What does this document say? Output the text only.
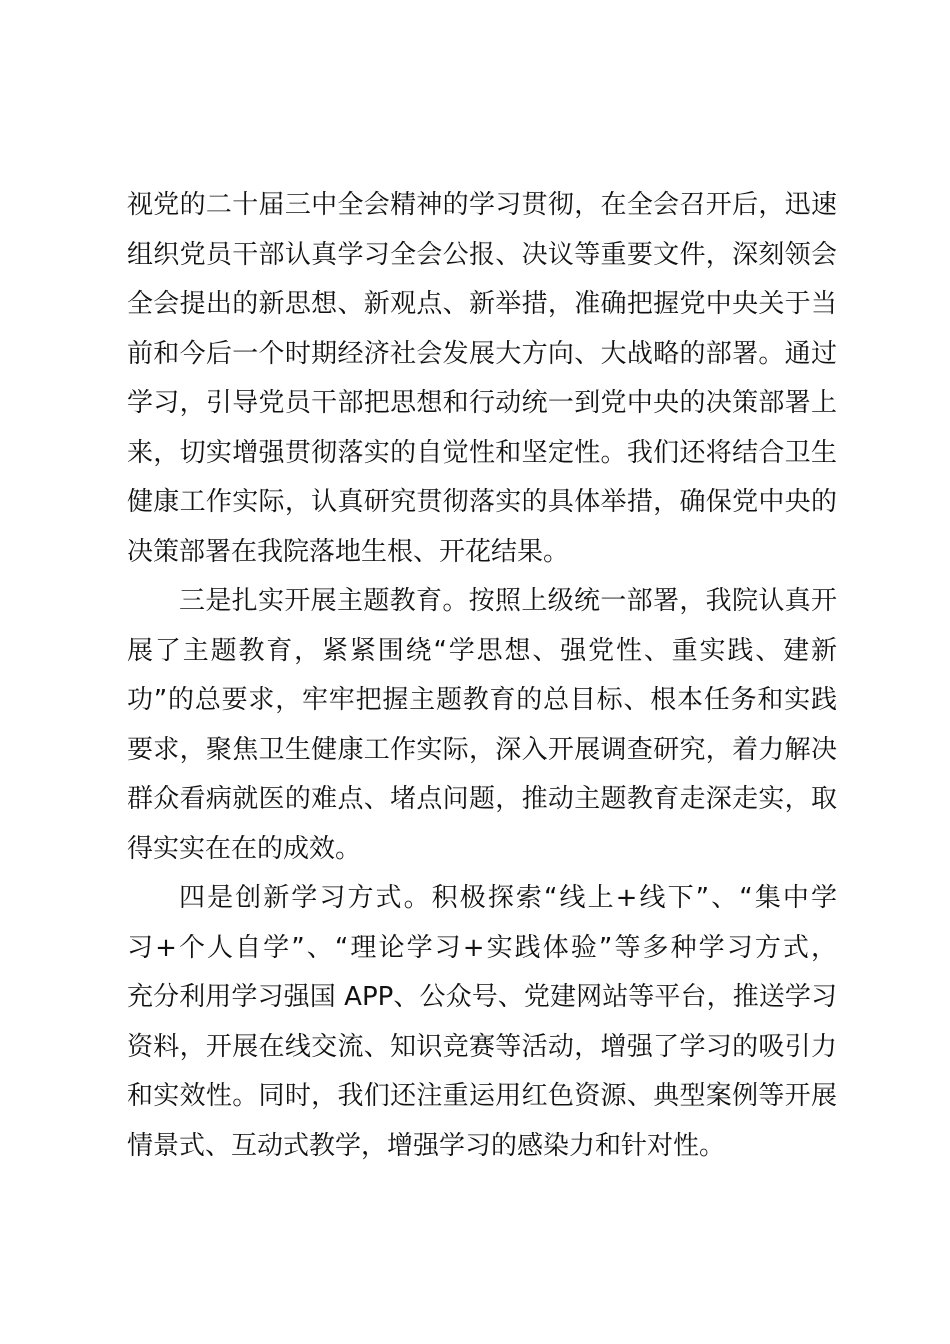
视党的二十届三中全会精神的学习贯彻，在全会召开后，迅速
组织党员干部认真学习全会公报、决议等重要文件，深刻领会
全会提出的新思想、新观点、新举措，准确把握党中央关于当
前和今后一个时期经济社会发展大方向、大战略的部署。通过
学习，引导党员干部把思想和行动统一到党中央的决策部署上
来，切实增强贯彻落实的自觉性和坚定性。我们还将结合卫生
健康工作实际，认真研究贯彻落实的具体举措，确保党中央的
决策部署在我院落地生根、开花结果。
三是扎实开展主题教育。按照上级统一部署，我院认真开
展了主题教育，紧紧围绕“学思想、强党性、重实践、建新
功”的总要求，牢牢把握主题教育的总目标、根本任务和实践
要求，聚焦卫生健康工作实际，深入开展调查研究，着力解决
群众看病就医的难点、堵点问题，推动主题教育走深走实，取
得实实在在的成效。
四是创新学习方式。积极探索“线上+线下”、“集中学
习+个人自学”、“理论学习+实践体验”等多种学习方式，
充分利用学习强国 APP、公众号、党建网站等平台，推送学习
资料，开展在线交流、知识竞赛等活动，增强了学习的吸引力
和实效性。同时，我们还注重运用红色资源、典型案例等开展
情景式、互动式教学，增强学习的感染力和针对性。
